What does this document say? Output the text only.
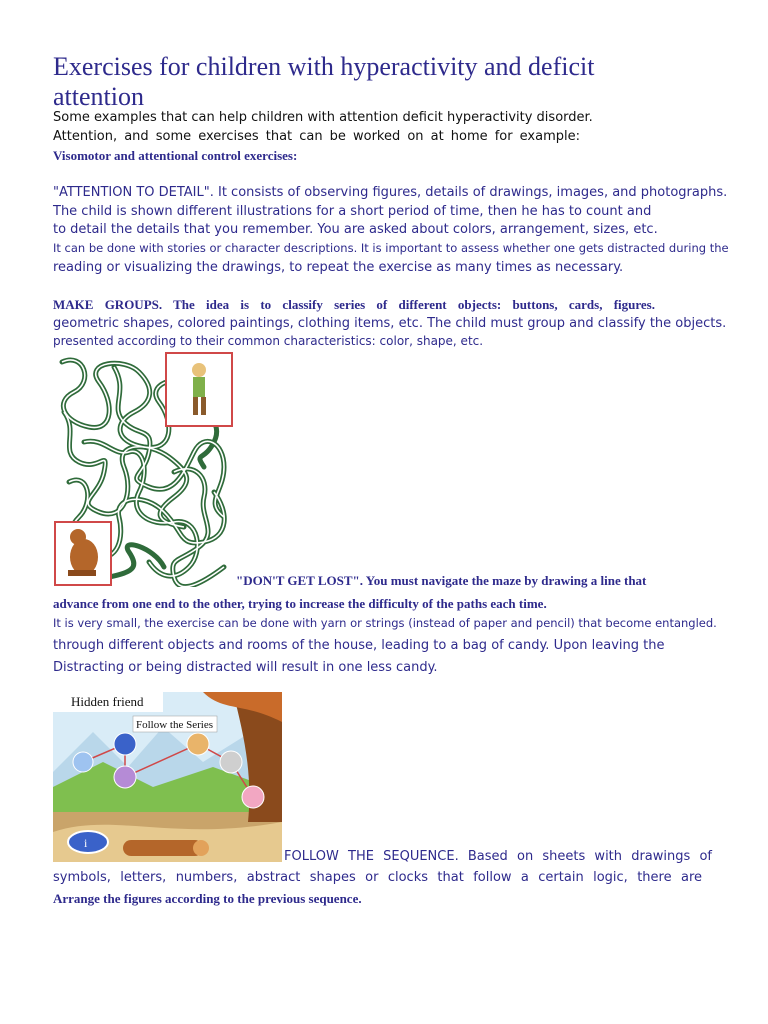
Exercises for children with hyperactivity and deficit
attention
Some examples that can help children with attention deficit hyperactivity disorder.
Attention, and some exercises that can be worked on at home for example:
Visomotor and attentional control exercises:
"ATTENTION TO DETAIL". It consists of observing figures, details of drawings, images, and photographs.
The child is shown different illustrations for a short period of time, then he has to count and
to detail the details that you remember. You are asked about colors, arrangement, sizes, etc.
It can be done with stories or character descriptions. It is important to assess whether one gets distracted during the
reading or visualizing the drawings, to repeat the exercise as many times as necessary.
MAKE GROUPS. The idea is to classify series of different objects: buttons, cards, figures.
geometric shapes, colored paintings, clothing items, etc. The child must group and classify the objects.
presented according to their common characteristics: color, shape, etc.
"DON'T GET LOST". You must navigate the maze by drawing a line that
advance from one end to the other, trying to increase the difficulty of the paths each time.
It is very small, the exercise can be done with yarn or strings (instead of paper and pencil) that become entangled.
through different objects and rooms of the house, leading to a bag of candy. Upon leaving the
Distracting or being distracted will result in one less candy.
Hidden friend
Follow the Series
i
FOLLOW THE SEQUENCE. Based on sheets with drawings of
symbols, letters, numbers, abstract shapes or clocks that follow a certain logic, there are
Arrange the figures according to the previous sequence.
